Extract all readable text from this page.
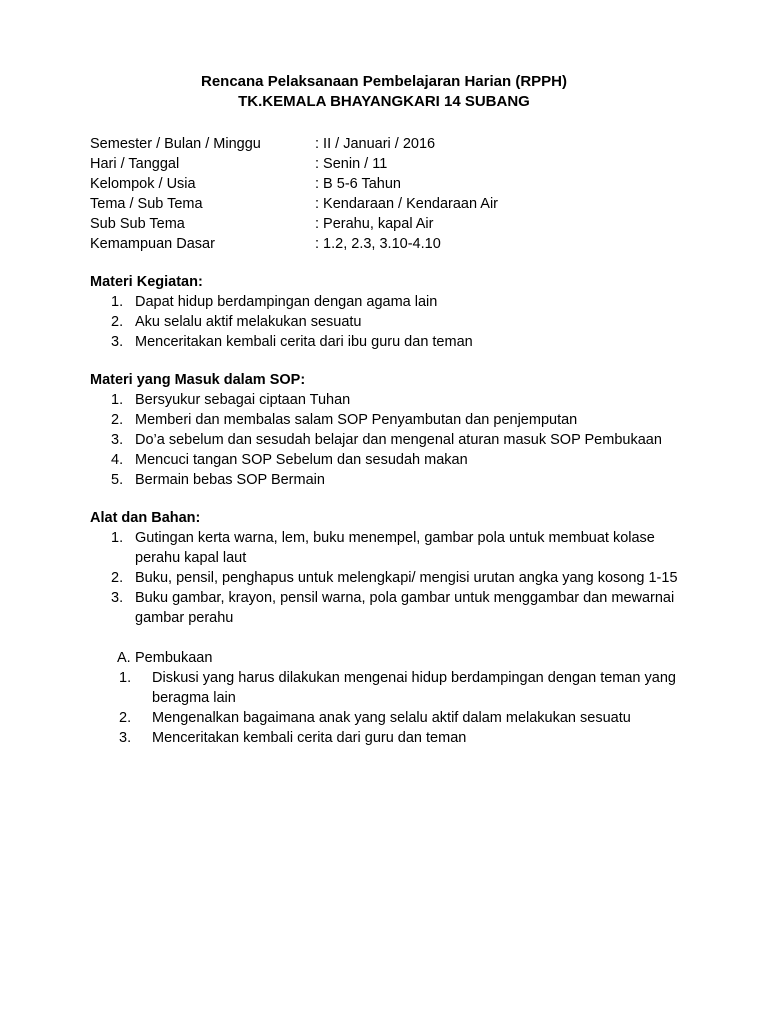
Rencana Pelaksanaan Pembelajaran Harian (RPPH)

TK.KEMALA BHAYANGKARI 14 SUBANG

Semester / Bulan / Minggu	: II / Januari / 2016
Hari / Tanggal	: Senin / 11
Kelompok / Usia	: B 5-6 Tahun
Tema / Sub Tema	: Kendaraan / Kendaraan Air
Sub Sub Tema	: Perahu, kapal Air
Kemampuan Dasar	: 1.2, 2.3, 3.10-4.10
Materi Kegiatan:
1. Dapat hidup berdampingan dengan agama lain
2. Aku selalu aktif melakukan sesuatu
3. Menceritakan kembali cerita dari ibu guru dan teman
Materi yang Masuk dalam SOP:
1. Bersyukur sebagai ciptaan Tuhan
2. Memberi dan membalas salam SOP Penyambutan dan penjemputan
3. Do’a sebelum dan sesudah belajar dan mengenal aturan masuk SOP Pembukaan
4. Mencuci tangan SOP Sebelum dan sesudah makan
5. Bermain bebas SOP Bermain
Alat dan Bahan:
1. Gutingan kerta warna, lem, buku menempel, gambar pola untuk membuat kolase perahu kapal laut
2. Buku, pensil, penghapus untuk melengkapi/ mengisi urutan angka yang kosong 1-15
3. Buku gambar, krayon, pensil warna, pola gambar untuk menggambar dan mewarnai gambar perahu
A. Pembukaan
1. Diskusi yang harus dilakukan mengenai hidup berdampingan dengan teman yang beragma lain
2. Mengenalkan bagaimana anak yang selalu aktif dalam melakukan sesuatu
3. Menceritakan kembali cerita dari guru dan teman
